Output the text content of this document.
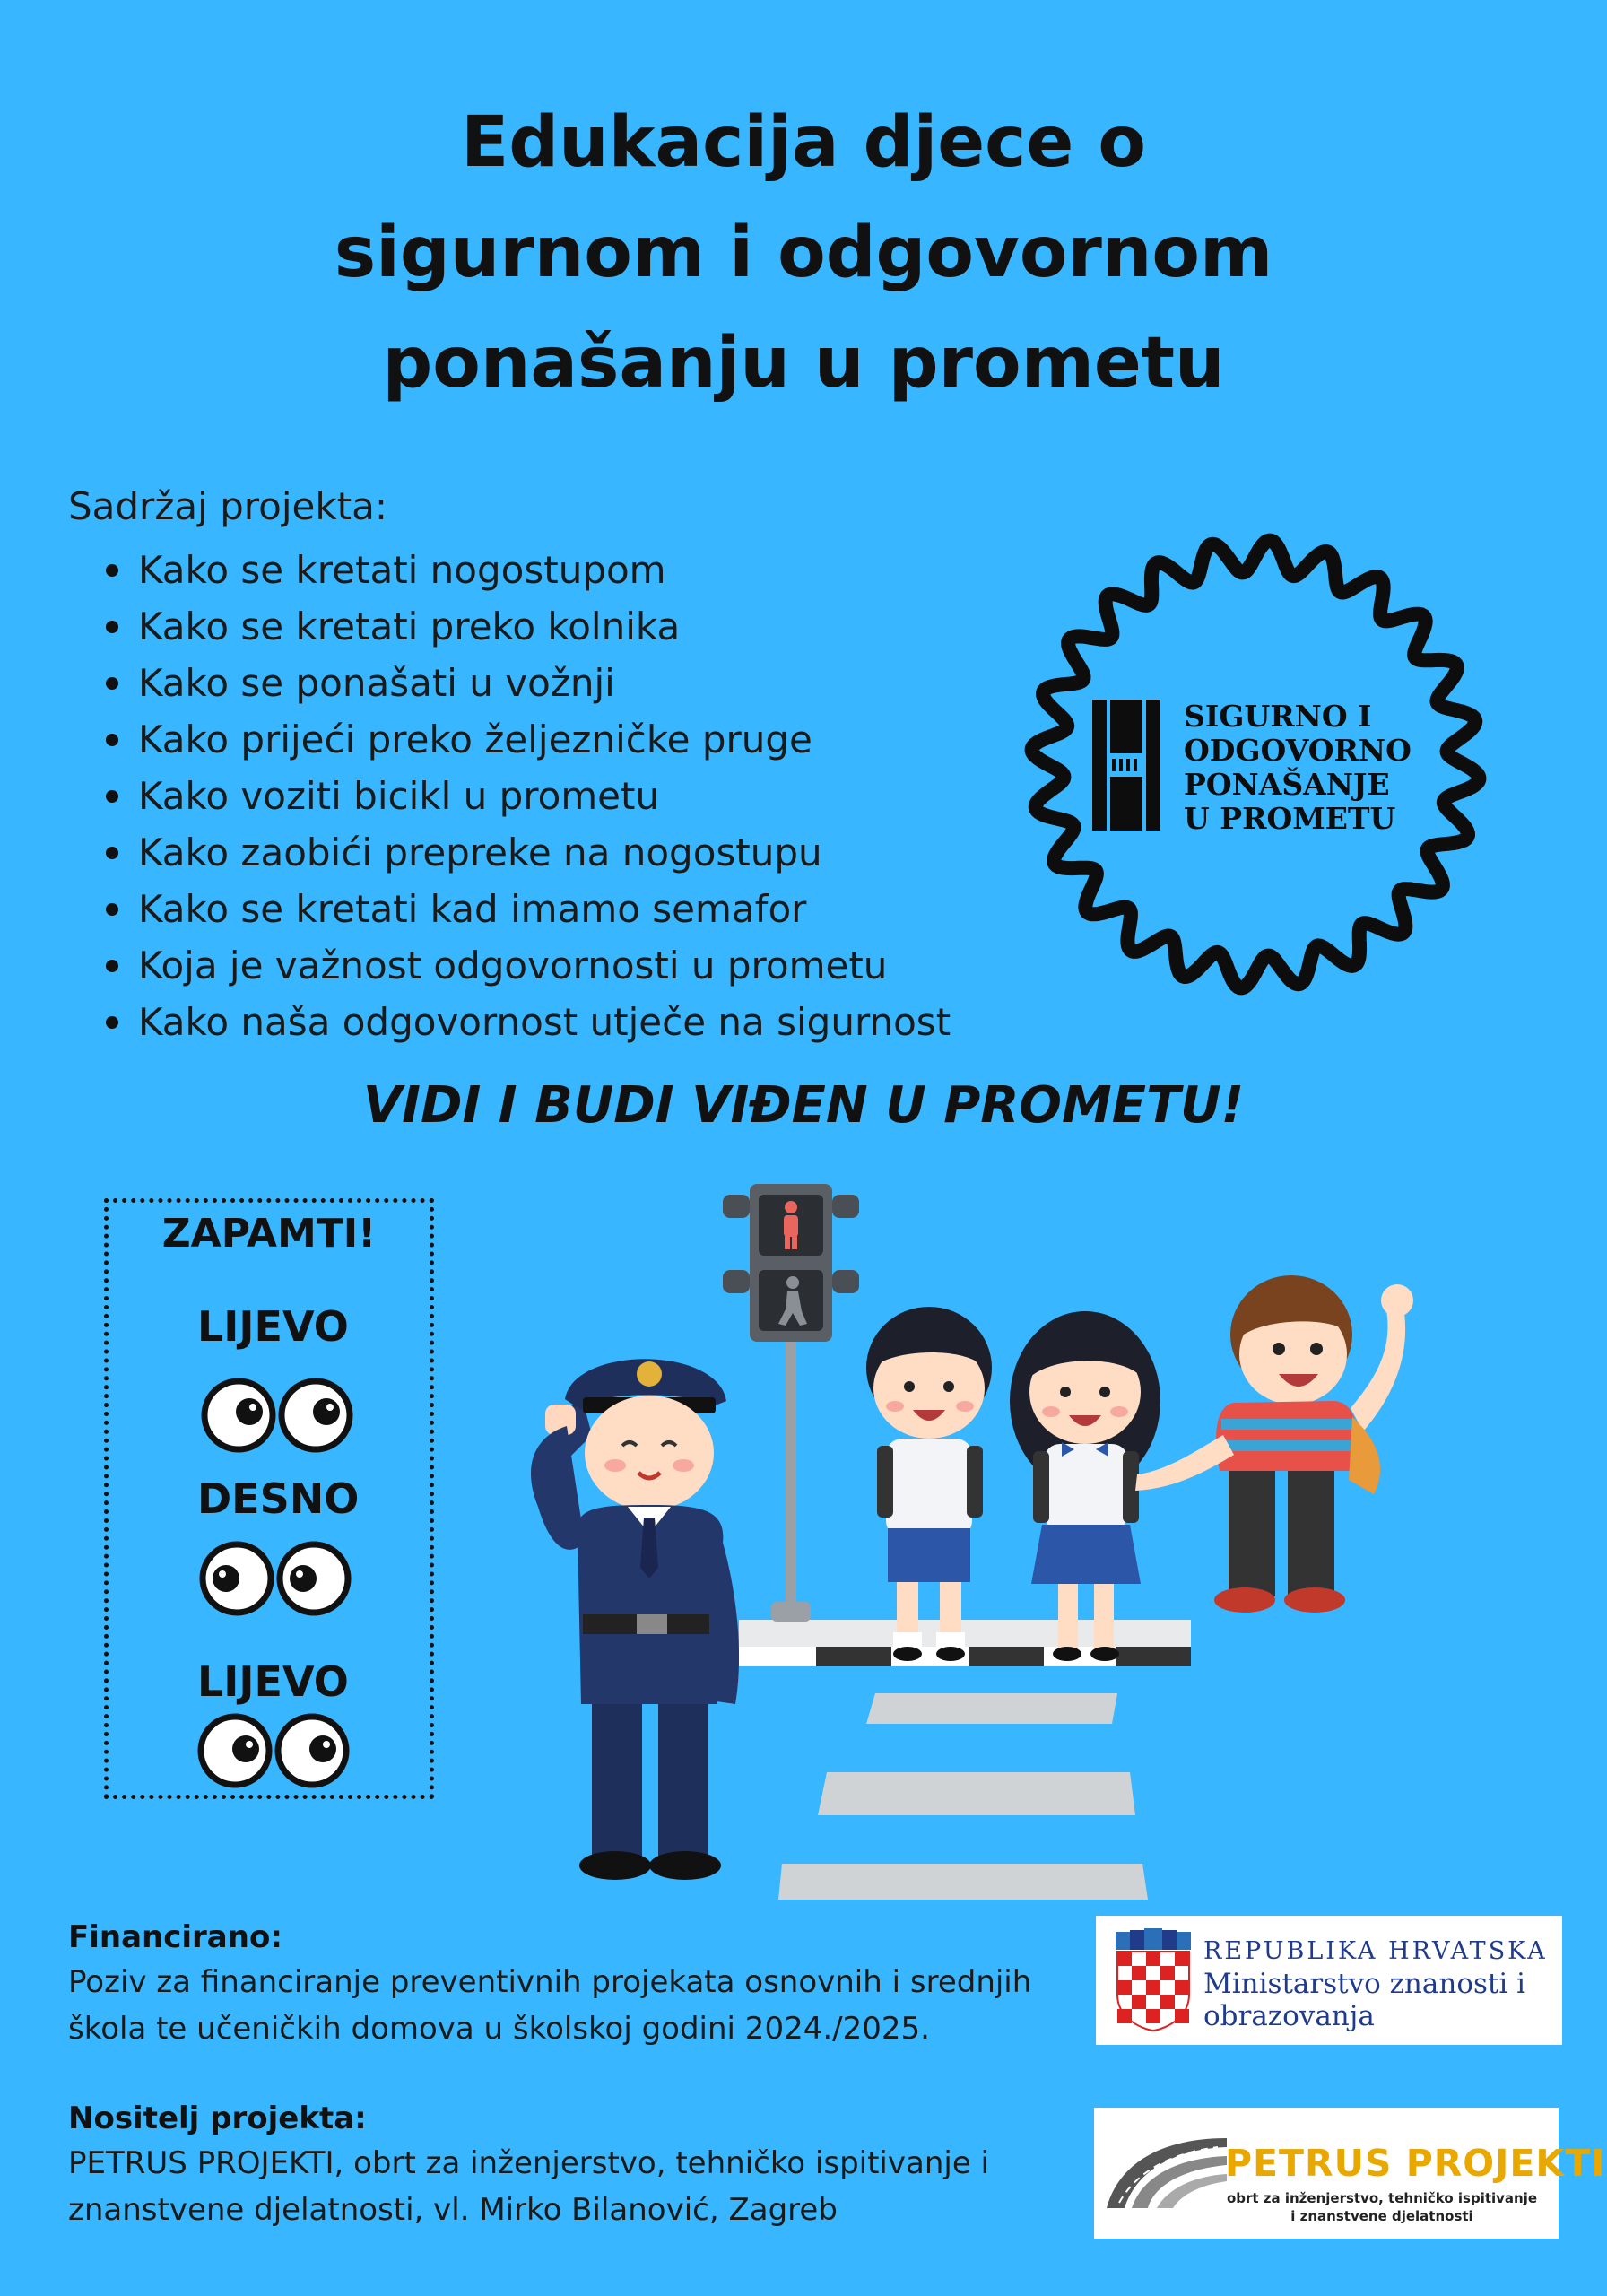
Edukacija djece o
sigurnom i odgovornom
ponašanju u prometu
Sadržaj projekta:
Kako se kretati nogostupom
Kako se kretati preko kolnika
Kako se ponašati u vožnji
Kako prijeći preko željezničke pruge
Kako voziti bicikl u prometu
Kako zaobići prepreke na nogostupu
Kako se kretati kad imamo semafor
Koja je važnost odgovornosti u prometu
Kako naša odgovornost utječe na sigurnost
SIGURNO I
ODGOVORNO
PONAŠANJE
U PROMETU
VIDI I BUDI VIĐEN U PROMETU!
ZAPAMTI!
LIJEVO
DESNO
LIJEVO
Financirano:
Poziv za financiranje preventivnih projekata osnovnih i srednjih
škola te učeničkih domova u školskoj godini 2024./2025.
REPUBLIKA HRVATSKA
Ministarstvo znanosti i
obrazovanja
Nositelj projekta:
PETRUS PROJEKTI, obrt za inženjerstvo, tehničko ispitivanje i
znanstvene djelatnosti, vl. Mirko Bilanović, Zagreb
PETRUS PROJEKTI
obrt za inženjerstvo, tehničko ispitivanje
i znanstvene djelatnosti
